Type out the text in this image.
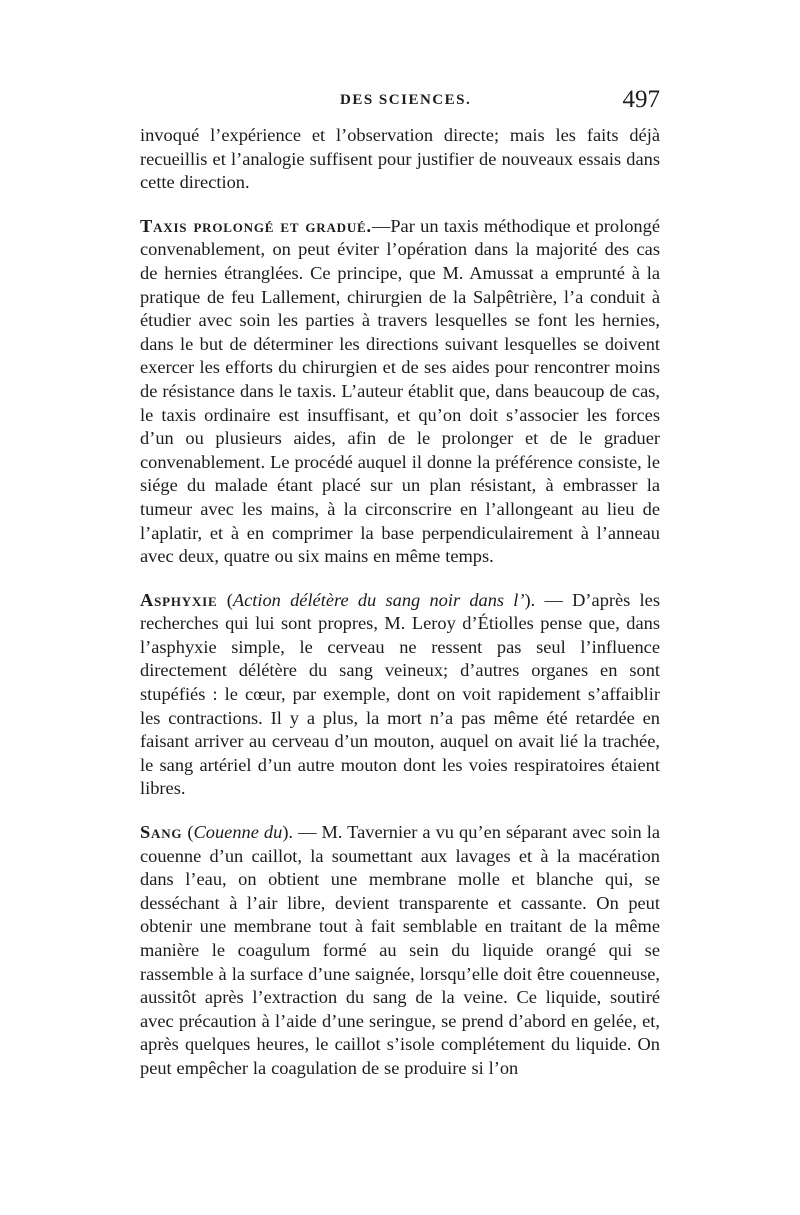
DES SCIENCES.	497

invoqué l’expérience et l’observation directe; mais les faits déjà recueillis et l’analogie suffisent pour justifier de nouveaux essais dans cette direction.

Taxis prolongé et gradué.—Par un taxis méthodique et prolongé convenablement, on peut éviter l’opération dans la majorité des cas de hernies étranglées. Ce principe, que M. Amussat a emprunté à la pratique de feu Lallement, chirurgien de la Salpêtrière, l’a conduit à étudier avec soin les parties à travers lesquelles se font les hernies, dans le but de déterminer les directions suivant lesquelles se doivent exercer les efforts du chirurgien et de ses aides pour rencontrer moins de résistance dans le taxis. L’auteur établit que, dans beaucoup de cas, le taxis ordinaire est insuffisant, et qu’on doit s’associer les forces d’un ou plusieurs aides, afin de le prolonger et de le graduer convenablement. Le procédé auquel il donne la préférence consiste, le siége du malade étant placé sur un plan résistant, à embrasser la tumeur avec les mains, à la circonscrire en l’allongeant au lieu de l’aplatir, et à en comprimer la base perpendiculairement à l’anneau avec deux, quatre ou six mains en même temps.

Asphyxie (Action délétère du sang noir dans l’). — D’après les recherches qui lui sont propres, M. Leroy d’Étiolles pense que, dans l’asphyxie simple, le cerveau ne ressent pas seul l’influence directement délétère du sang veineux; d’autres organes en sont stupéfiés : le cœur, par exemple, dont on voit rapidement s’affaiblir les contractions. Il y a plus, la mort n’a pas même été retardée en faisant arriver au cerveau d’un mouton, auquel on avait lié la trachée, le sang artériel d’un autre mouton dont les voies respiratoires étaient libres.

Sang (Couenne du). — M. Tavernier a vu qu’en séparant avec soin la couenne d’un caillot, la soumettant aux lavages et à la macération dans l’eau, on obtient une membrane molle et blanche qui, se desséchant à l’air libre, devient transparente et cassante. On peut obtenir une membrane tout à fait semblable en traitant de la même manière le coagulum formé au sein du liquide orangé qui se rassemble à la surface d’une saignée, lorsqu’elle doit être couenneuse, aussitôt après l’extraction du sang de la veine. Ce liquide, soutiré avec précaution à l’aide d’une seringue, se prend d’abord en gelée, et, après quelques heures, le caillot s’isole complétement du liquide. On peut empêcher la coagulation de se produire si l’on
